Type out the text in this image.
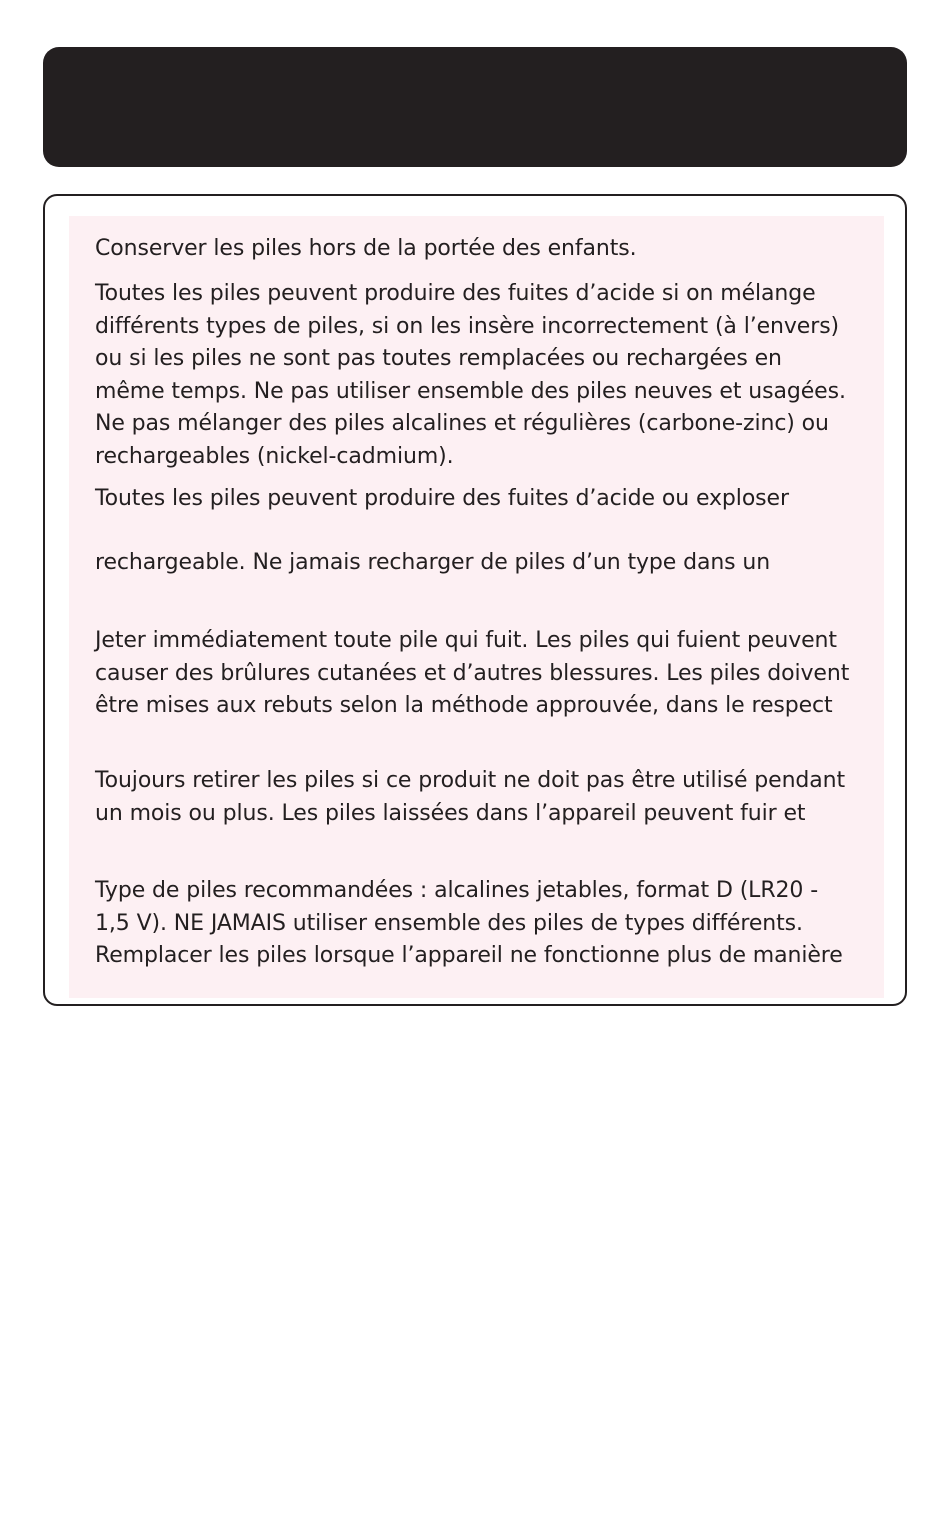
Conserver les piles hors de la portée des enfants.
Toutes les piles peuvent produire des fuites d’acide si on mélange
différents types de piles, si on les insère incorrectement (à l’envers)
ou si les piles ne sont pas toutes remplacées ou rechargées en
même temps. Ne pas utiliser ensemble des piles neuves et usagées.
Ne pas mélanger des piles alcalines et régulières (carbone-zinc) ou
rechargeables (nickel-cadmium).
Toutes les piles peuvent produire des fuites d’acide ou exploser
rechargeable. Ne jamais recharger de piles d’un type dans un
Jeter immédiatement toute pile qui fuit. Les piles qui fuient peuvent
causer des brûlures cutanées et d’autres blessures. Les piles doivent
être mises aux rebuts selon la méthode approuvée, dans le respect
Toujours retirer les piles si ce produit ne doit pas être utilisé pendant
un mois ou plus. Les piles laissées dans l’appareil peuvent fuir et
Type de piles recommandées : alcalines jetables, format D (LR20 -
1,5 V). NE JAMAIS utiliser ensemble des piles de types différents.
Remplacer les piles lorsque l’appareil ne fonctionne plus de manière
